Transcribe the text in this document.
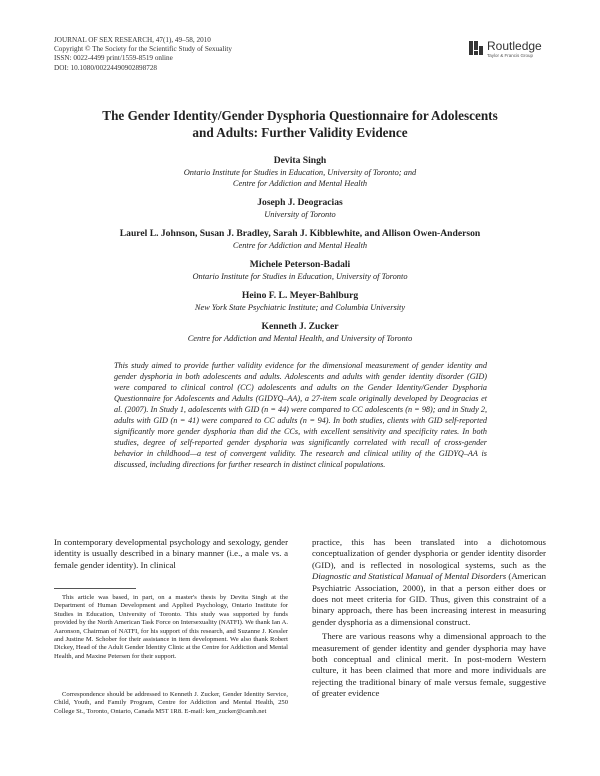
JOURNAL OF SEX RESEARCH, 47(1), 49–58, 2010
Copyright © The Society for the Scientific Study of Sexuality
ISSN: 0022-4499 print/1559-8519 online
DOI: 10.1080/00224490902898728
Routledge
Taylor & Francis Group
The Gender Identity/Gender Dysphoria Questionnaire for Adolescents
and Adults: Further Validity Evidence
Devita Singh
Ontario Institute for Studies in Education, University of Toronto; and
Centre for Addiction and Mental Health
Joseph J. Deogracias
University of Toronto
Laurel L. Johnson, Susan J. Bradley, Sarah J. Kibblewhite, and Allison Owen-Anderson
Centre for Addiction and Mental Health
Michele Peterson-Badali
Ontario Institute for Studies in Education, University of Toronto
Heino F. L. Meyer-Bahlburg
New York State Psychiatric Institute; and Columbia University
Kenneth J. Zucker
Centre for Addiction and Mental Health, and University of Toronto
This study aimed to provide further validity evidence for the dimensional measurement of gender identity and gender dysphoria in both adolescents and adults. Adolescents and adults with gender identity disorder (GID) were compared to clinical control (CC) adolescents and adults on the Gender Identity/Gender Dysphoria Questionnaire for Adolescents and Adults (GIDYQ–AA), a 27-item scale originally developed by Deogracias et al. (2007). In Study 1, adolescents with GID (n = 44) were compared to CC adolescents (n = 98); and in Study 2, adults with GID (n = 41) were compared to CC adults (n = 94). In both studies, clients with GID self-reported significantly more gender dysphoria than did the CCs, with excellent sensitivity and specificity rates. In both studies, degree of self-reported gender dysphoria was significantly correlated with recall of cross-gender behavior in childhood—a test of convergent validity. The research and clinical utility of the GIDYQ–AA is discussed, including directions for further research in distinct clinical populations.

In contemporary developmental psychology and sexology, gender identity is usually described in a binary manner (i.e., a male vs. a female gender identity). In clinical

This article was based, in part, on a master's thesis by Devita Singh at the Department of Human Development and Applied Psychology, Ontario Institute for Studies in Education, University of Toronto. This study was supported by funds provided by the North American Task Force on Intersexuality (NATFI). We thank Ian A. Aaronson, Chairman of NATFI, for his support of this research, and Suzanne J. Kessler and Justine M. Schober for their assistance in item development. We also thank Robert Dickey, Head of the Adult Gender Identity Clinic at the Centre for Addiction and Mental Health, and Maxine Petersen for their support.
Correspondence should be addressed to Kenneth J. Zucker, Gender Identity Service, Child, Youth, and Family Program, Centre for Addiction and Mental Health, 250 College St., Toronto, Ontario, Canada M5T 1R8. E-mail: ken_zucker@camh.net

practice, this has been translated into a dichotomous conceptualization of gender dysphoria or gender identity disorder (GID), and is reflected in nosological systems, such as the Diagnostic and Statistical Manual of Mental Disorders (American Psychiatric Association, 2000), in that a person either does or does not meet criteria for GID. Thus, given this constraint of a binary approach, there has been increasing interest in measuring gender dysphoria as a dimensional construct.

There are various reasons why a dimensional approach to the measurement of gender identity and gender dysphoria may have both conceptual and clinical merit. In post-modern Western culture, it has been claimed that more and more individuals are rejecting the traditional binary of male versus female, suggestive of greater evidence
